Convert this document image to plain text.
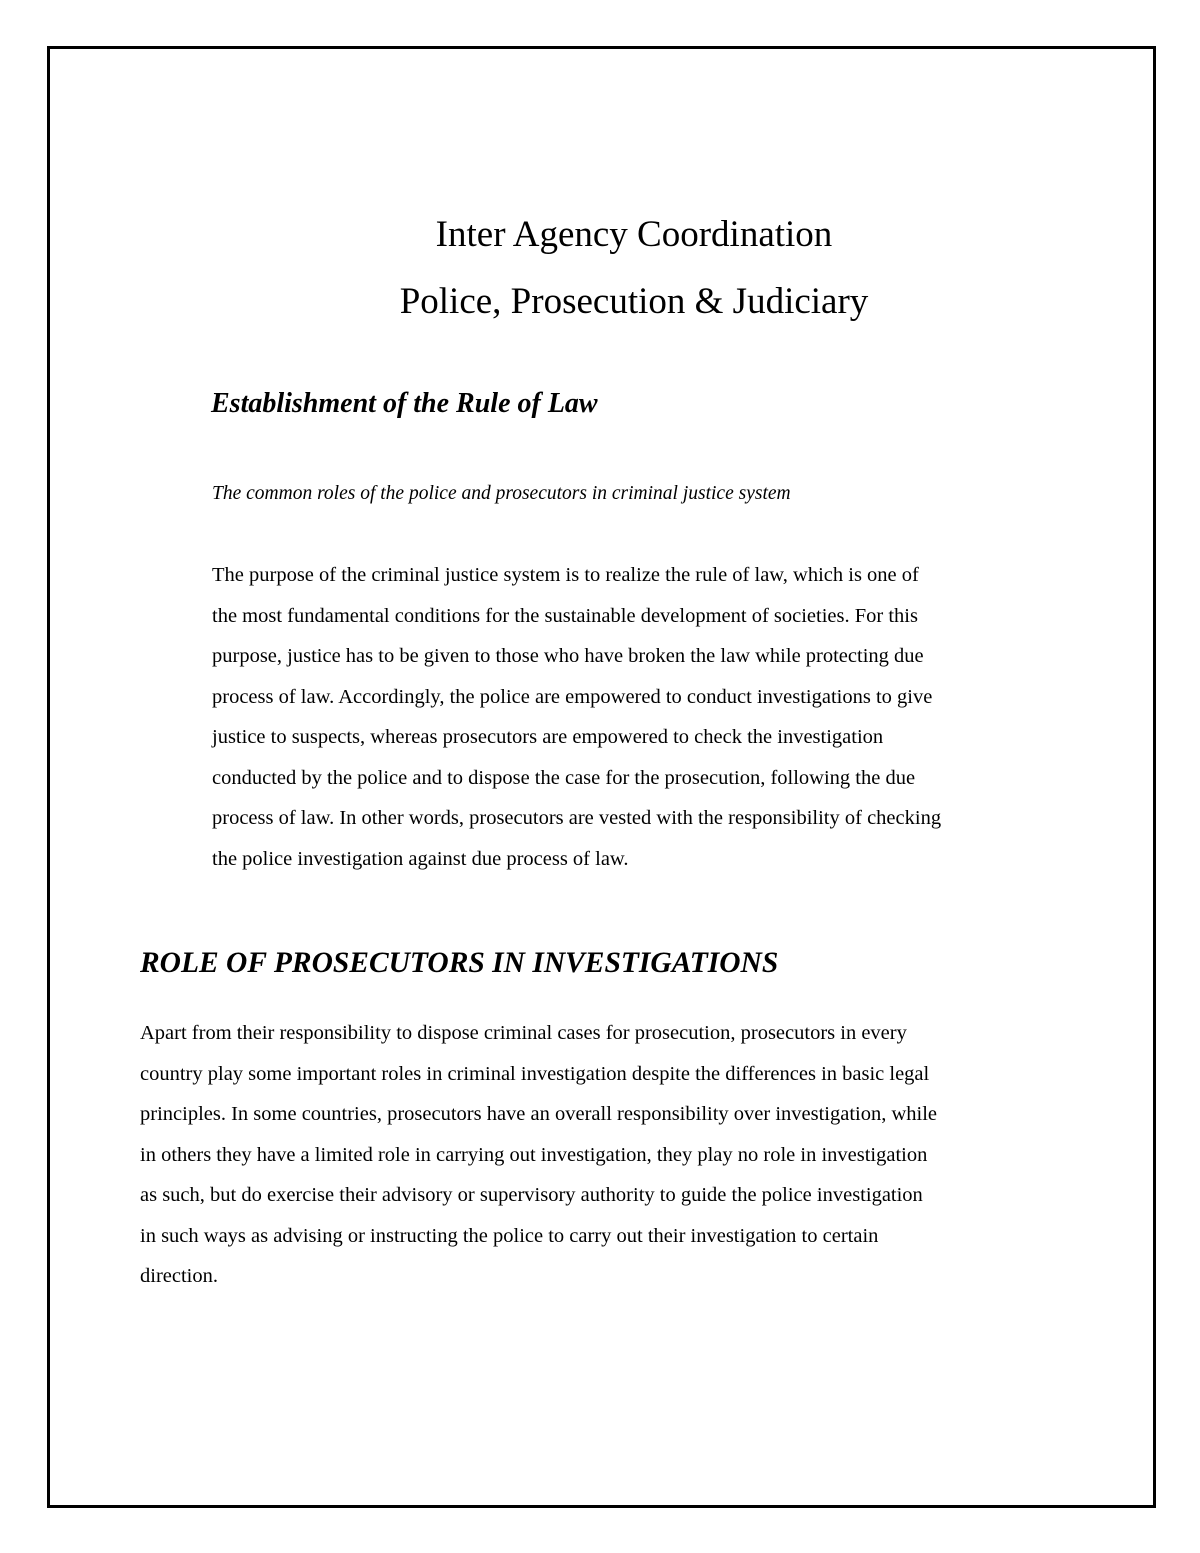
Inter Agency Coordination
Police, Prosecution & Judiciary
Establishment of the Rule of Law

The common roles of the police and prosecutors in criminal justice system

The purpose of the criminal justice system is to realize the rule of law, which is one of
the most fundamental conditions for the sustainable development of societies. For this
purpose, justice has to be given to those who have broken the law while protecting due
process of law. Accordingly, the police are empowered to conduct investigations to give
justice to suspects, whereas prosecutors are empowered to check the investigation
conducted by the police and to dispose the case for the prosecution, following the due
process of law. In other words, prosecutors are vested with the responsibility of checking
the police investigation against due process of law.

ROLE OF PROSECUTORS IN INVESTIGATIONS

Apart from their responsibility to dispose criminal cases for prosecution, prosecutors in every
country play some important roles in criminal investigation despite the differences in basic legal
principles. In some countries, prosecutors have an overall responsibility over investigation, while
in others they have a limited role in carrying out investigation, they play no role in investigation
as such, but do exercise their advisory or supervisory authority to guide the police investigation
in such ways as advising or instructing the police to carry out their investigation to certain
direction.
